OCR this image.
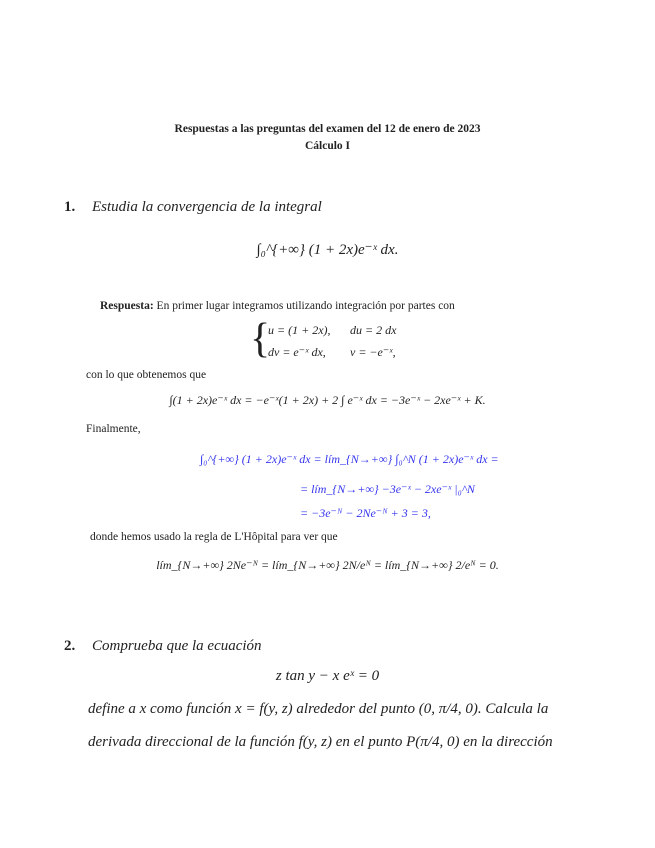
Respuestas a las preguntas del examen del 12 de enero de 2023
Cálculo I
1. Estudia la convergencia de la integral
∫₀^{+∞} (1 + 2x)e⁻ˣ dx.
Respuesta: En primer lugar integramos utilizando integración por partes con
{
u = (1 + 2x), du = 2 dx
dv = e⁻ˣ dx, v = −e⁻ˣ,
con lo que obtenemos que
∫(1 + 2x)e⁻ˣ dx = −e⁻ˣ(1 + 2x) + 2 ∫ e⁻ˣ dx = −3e⁻ˣ − 2xe⁻ˣ + K.
Finalmente,
∫₀^{+∞} (1 + 2x)e⁻ˣ dx = lím_{N→+∞} ∫₀^N (1 + 2x)e⁻ˣ dx =
= lím_{N→+∞} −3e⁻ˣ − 2xe⁻ˣ |₀^N
= −3e⁻ᴺ − 2Ne⁻ᴺ + 3 = 3,
donde hemos usado la regla de L'Hôpital para ver que
lím_{N→+∞} 2Ne⁻ᴺ = lím_{N→+∞} 2N/eᴺ = lím_{N→+∞} 2/eᴺ = 0.
2. Comprueba que la ecuación
z tan y − x eˣ = 0
define a x como función x = f(y, z) alrededor del punto (0, π/4, 0). Calcula la
derivada direccional de la función f(y, z) en el punto P(π/4, 0) en la dirección
